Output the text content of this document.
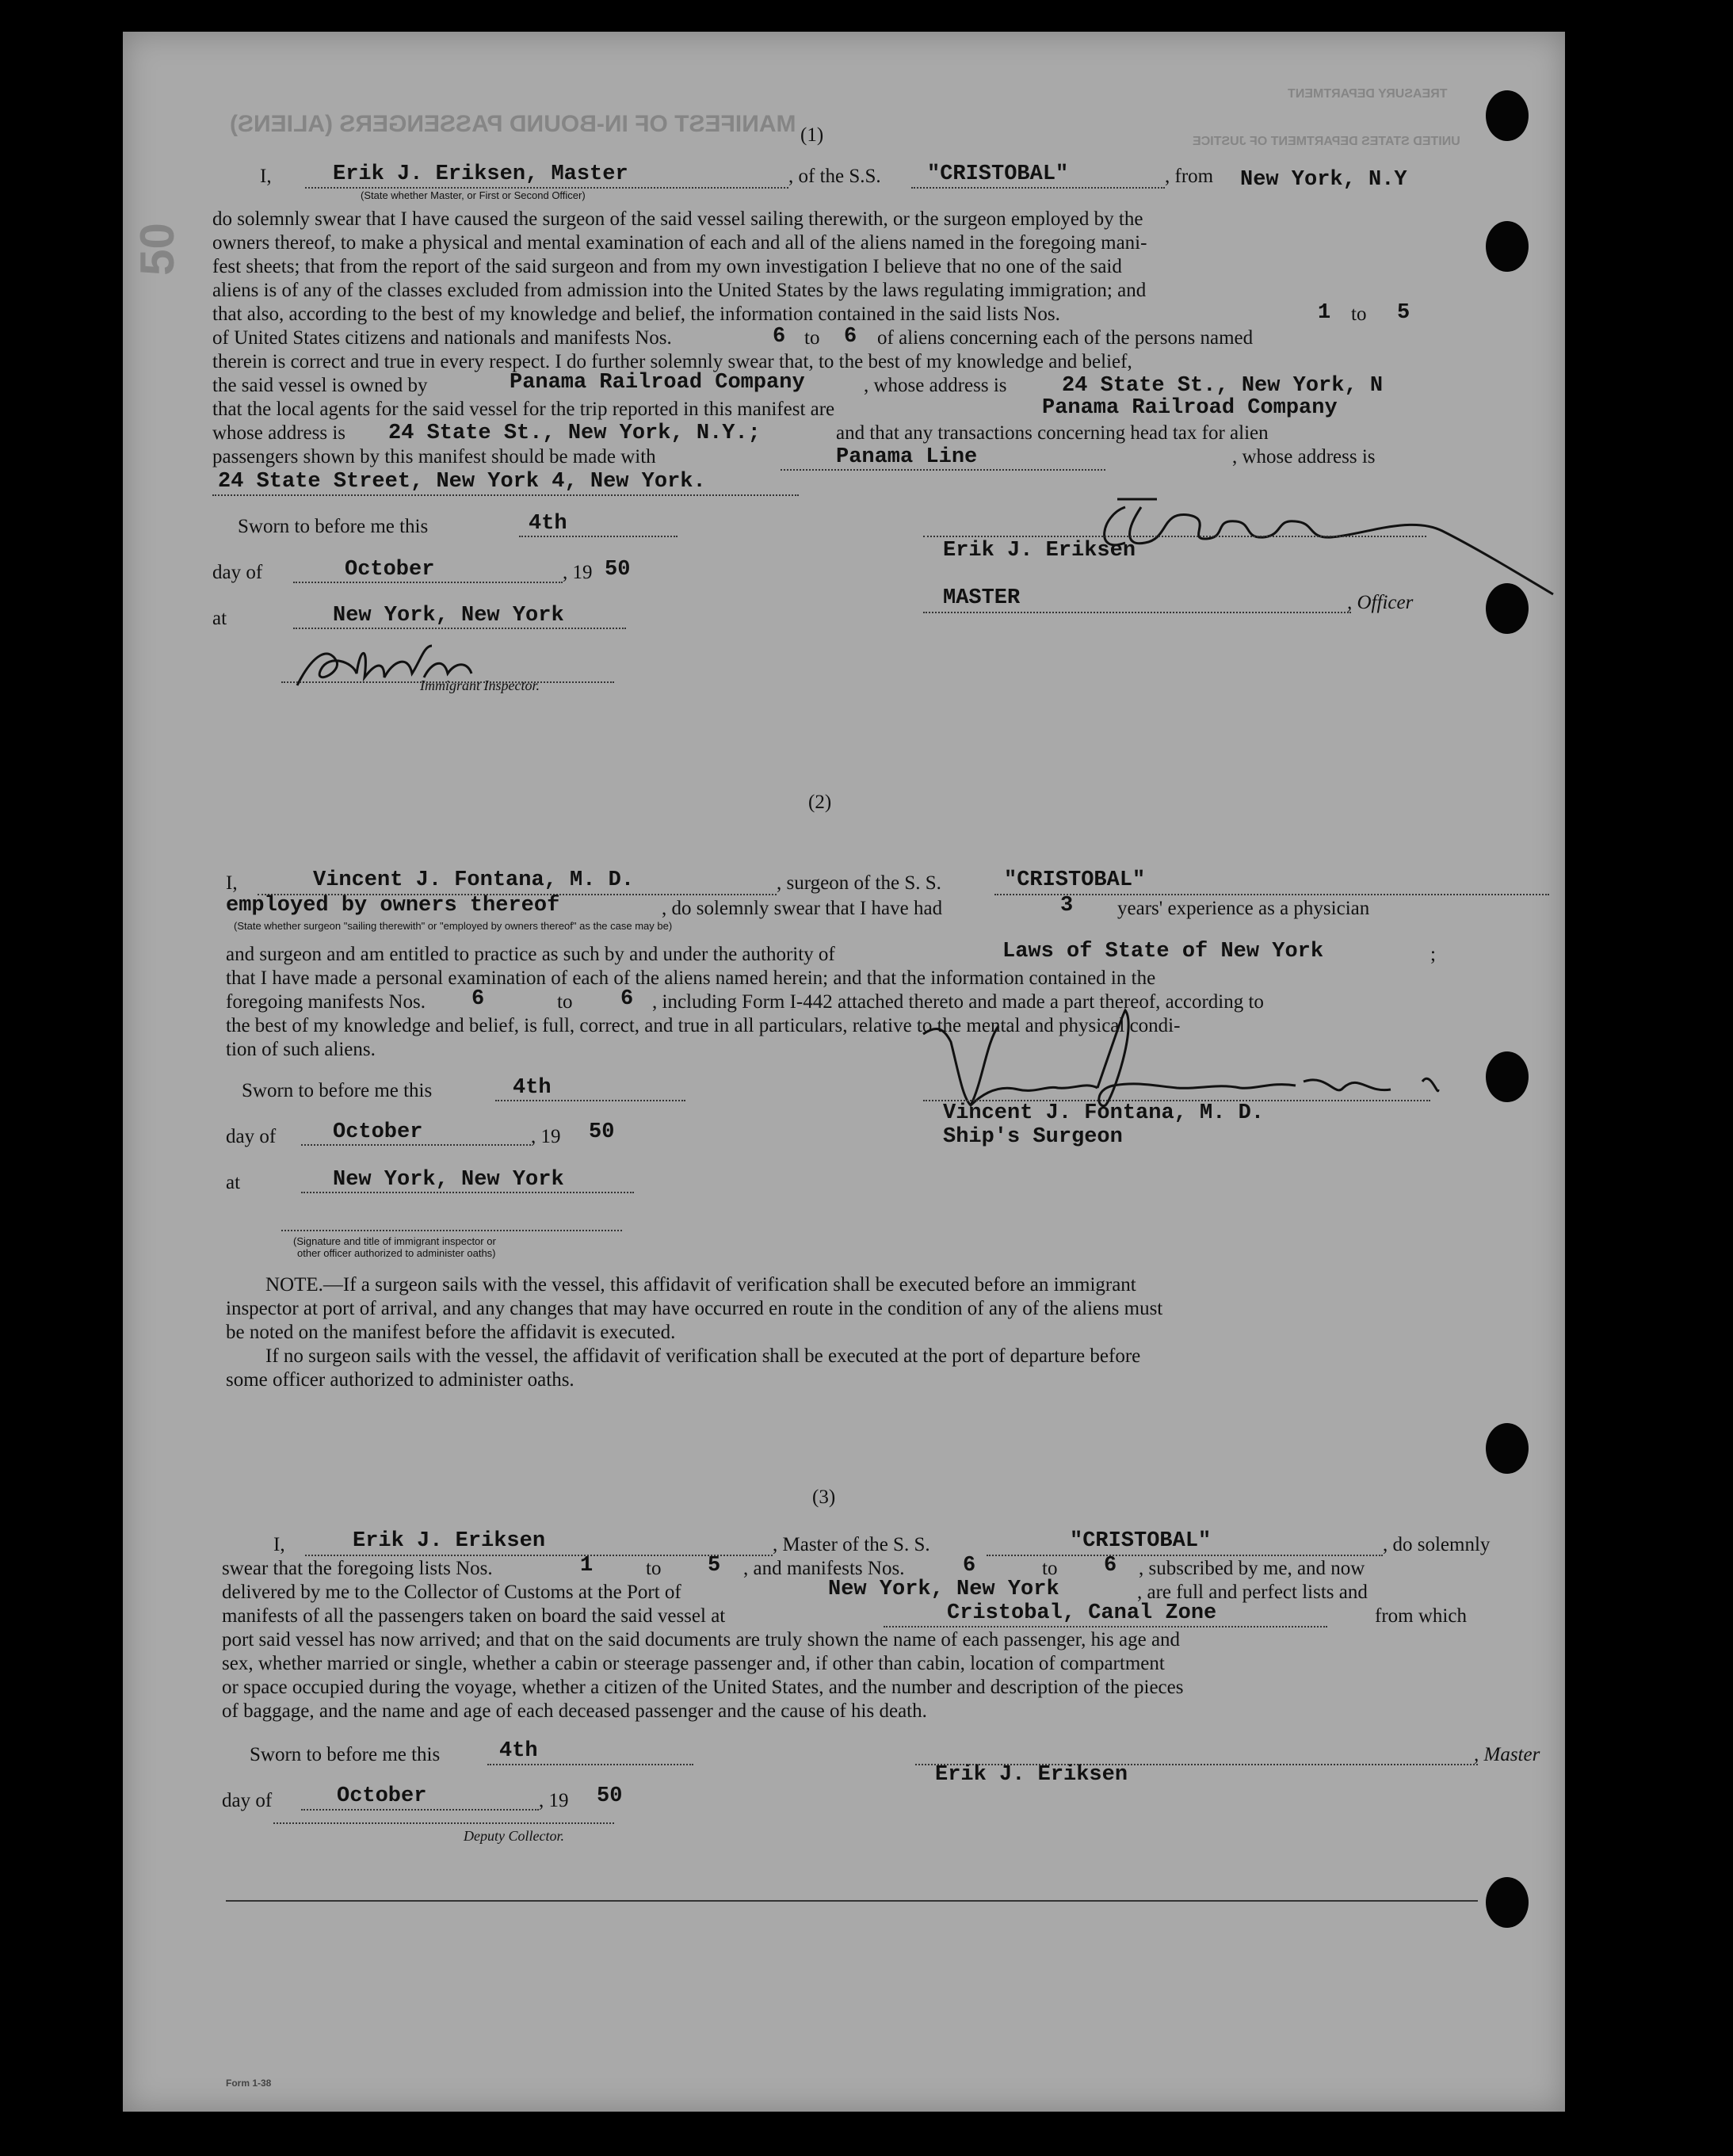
MANIFEST OF IN-BOUND PASSENGERS (ALIENS)
TREASURY DEPARTMENT
UNITED STATES DEPARTMENT OF JUSTICE
50
(1)
I,	Erik J. Eriksen, Master	, of the S.S. "CRISTOBAL"	, from New York, N.Y
(State whether Master, or First or Second Officer)
do solemnly swear that I have caused the surgeon of the said vessel sailing therewith, or the surgeon employed by the
owners thereof, to make a physical and mental examination of each and all of the aliens named in the foregoing mani-
fest sheets; that from the report of the said surgeon and from my own investigation I believe that no one of the said
aliens is of any of the classes excluded from admission into the United States by the laws regulating immigration; and
that also, according to the best of my knowledge and belief, the information contained in the said lists Nos.	1 to 5
of United States citizens and nationals and manifests Nos.	6 to 6 of aliens concerning each of the persons named
therein is correct and true in every respect. I do further solemnly swear that, to the best of my knowledge and belief,
the said vessel is owned by	Panama Railroad Company	, whose address is	24 State St., New York, N
that the local agents for the said vessel for the trip reported in this manifest are	Panama Railroad Company
whose address is 24 State St., New York, N.Y.;	and that any transactions concerning head tax for alien
passengers shown by this manifest should be made with	Panama Line	, whose address is
24 State Street, New York 4, New York.
Sworn to before me this	4th
day of	October	, 19 50
at	New York, New York
Immigrant Inspector.
Erik J. Eriksen
MASTER	, Officer
(2)
I,	Vincent J. Fontana, M. D.	, surgeon of the S. S.	"CRISTOBAL"
employed by owners thereof	, do solemnly swear that I have had	3 years' experience as a physician
(State whether surgeon "sailing therewith" or "employed by owners thereof" as the case may be)
and surgeon and am entitled to practice as such by and under the authority of	Laws of State of New York	;
that I have made a personal examination of each of the aliens named herein; and that the information contained in the
foregoing manifests Nos. 6	to 6 , including Form I-442 attached thereto and made a part thereof, according to
the best of my knowledge and belief, is full, correct, and true in all particulars, relative to the mental and physical condi-
tion of such aliens.
Sworn to before me this	4th
day of	October	, 19 50
at	New York, New York
(Signature and title of immigrant inspector or
other officer authorized to administer oaths)
Vincent J. Fontana, M. D.
Ship's Surgeon
NOTE.—If a surgeon sails with the vessel, this affidavit of verification shall be executed before an immigrant
inspector at port of arrival, and any changes that may have occurred en route in the condition of any of the aliens must
be noted on the manifest before the affidavit is executed.
If no surgeon sails with the vessel, the affidavit of verification shall be executed at the port of departure before
some officer authorized to administer oaths.
(3)
I,	Erik J. Eriksen	, Master of the S. S.	"CRISTOBAL"	, do solemnly
swear that the foregoing lists Nos.	1	to 5 , and manifests Nos.	6	to 6 , subscribed by me, and now
delivered by me to the Collector of Customs at the Port of	New York, New York	, are full and perfect lists and
manifests of all the passengers taken on board the said vessel at	Cristobal, Canal Zone	from which
port said vessel has now arrived; and that on the said documents are truly shown the name of each passenger, his age and
sex, whether married or single, whether a cabin or steerage passenger and, if other than cabin, location of compartment
or space occupied during the voyage, whether a citizen of the United States, and the number and description of the pieces
of baggage, and the name and age of each deceased passenger and the cause of his death.
Sworn to before me this	4th
day of	October	, 19 50
, Master
Erik J. Eriksen
Deputy Collector.
Form 1-38
